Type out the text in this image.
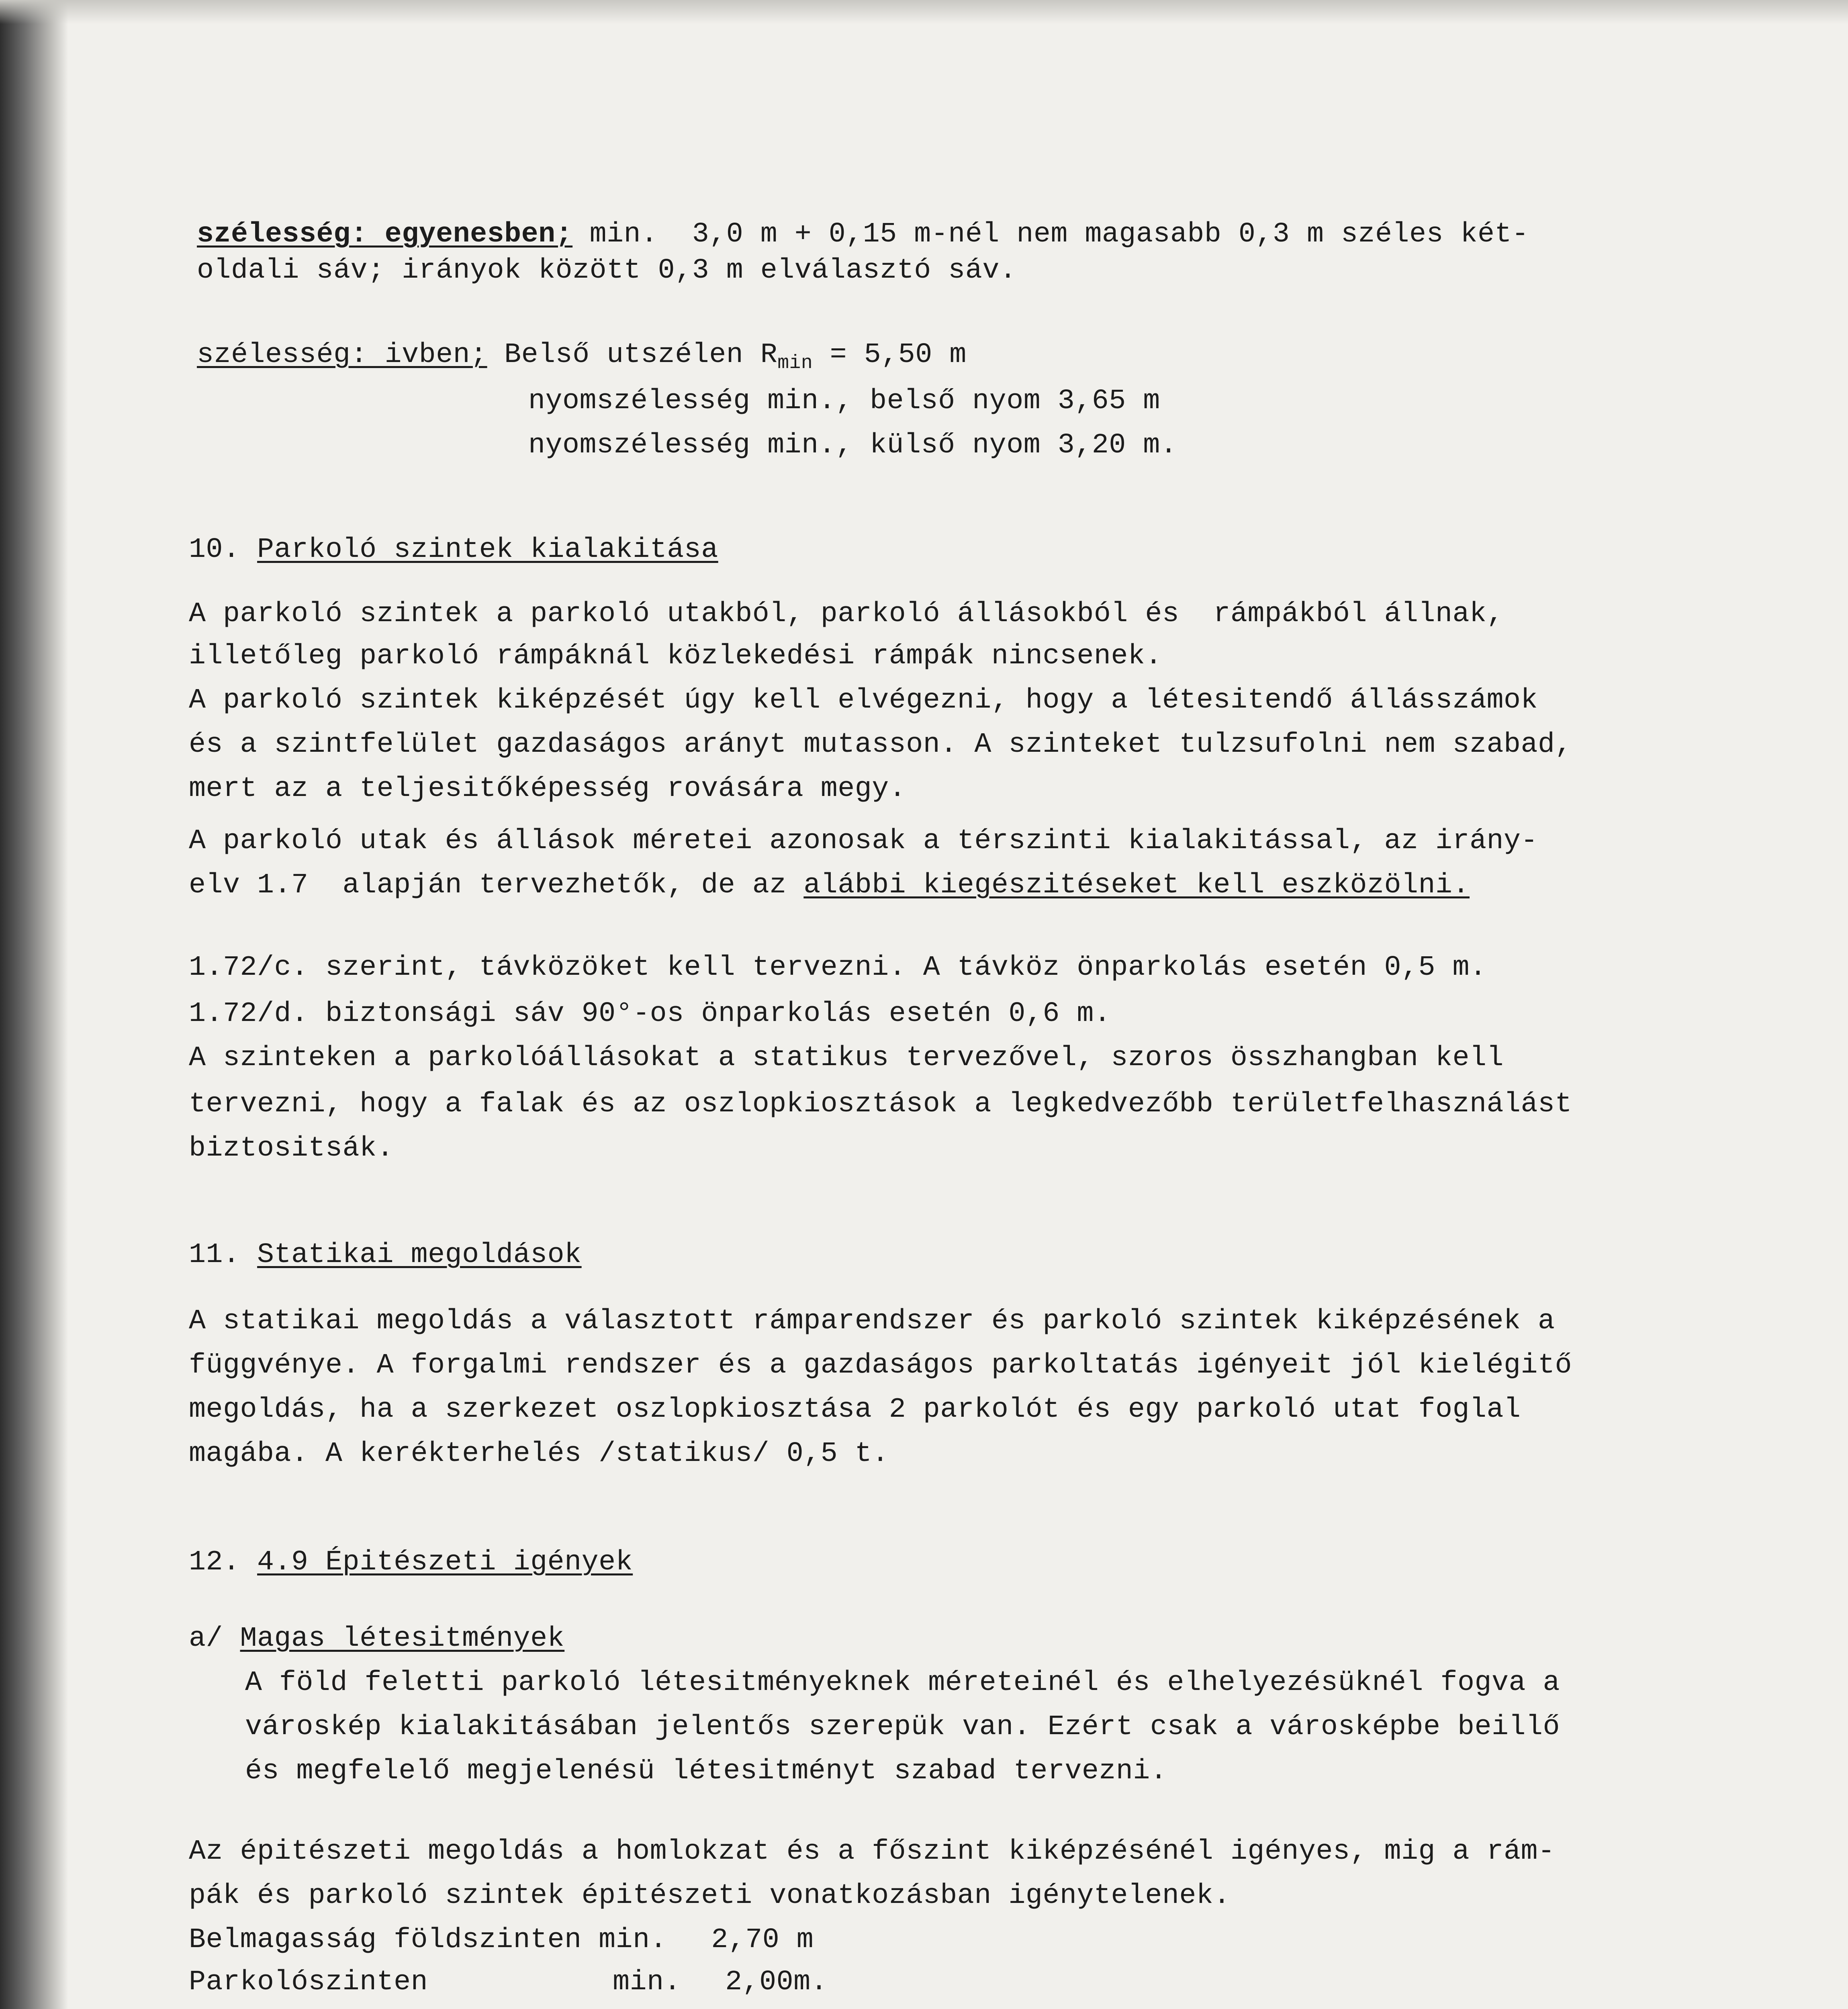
szélesség: egyenesben; min.  3,0 m + 0,15 m-nél nem magasabb 0,3 m széles két-
oldali sáv; irányok között 0,3 m elválasztó sáv.
szélesség: ivben; Belső utszélen $R_{min} = 5,50$ m
nyomszélesség min., belső nyom 3,65 m
nyomszélesség min., külső nyom 3,20 m.
10. Parkoló szintek kialakitása
A parkoló szintek a parkoló utakból, parkoló állásokból és  rámpákból állnak,
illetőleg parkoló rámpáknál közlekedési rámpák nincsenek.
A parkoló szintek kiképzését úgy kell elvégezni, hogy a létesitendő állásszámok
és a szintfelület gazdaságos arányt mutasson. A szinteket tulzsufolni nem szabad,
mert az a teljesitőképesség rovására megy.
A parkoló utak és állások méretei azonosak a térszinti kialakitással, az irány-
elv 1.7  alapján tervezhetők, de az alábbi kiegészitéseket kell eszközölni.
1.72/c. szerint, távközöket kell tervezni. A távköz önparkolás esetén 0,5 m.
1.72/d. biztonsági sáv 90°-os önparkolás esetén 0,6 m.
A szinteken a parkolóállásokat a statikus tervezővel, szoros összhangban kell
tervezni, hogy a falak és az oszlopkiosztások a legkedvezőbb területfelhasználást
biztositsák.
11. Statikai megoldások
A statikai megoldás a választott rámparendszer és parkoló szintek kiképzésének a
függvénye. A forgalmi rendszer és a gazdaságos parkoltatás igényeit jól kielégitő
megoldás, ha a szerkezet oszlopkiosztása 2 parkolót és egy parkoló utat foglal
magába. A kerékterhelés /statikus/ 0,5 t.
12. 4.9 Épitészeti igények
a/ Magas létesitmények
A föld feletti parkoló létesitményeknek méreteinél és elhelyezésüknél fogva a
városkép kialakitásában jelentős szerepük van. Ezért csak a városképbe beillő
és megfelelő megjelenésü létesitményt szabad tervezni.
Az épitészeti megoldás a homlokzat és a főszint kiképzésénél igényes, mig a rám-
pák és parkoló szintek épitészeti vonatkozásban igénytelenek.
Belmagasság földszinten min. 2,70 m
Parkolószinten	min. 2,00m.
